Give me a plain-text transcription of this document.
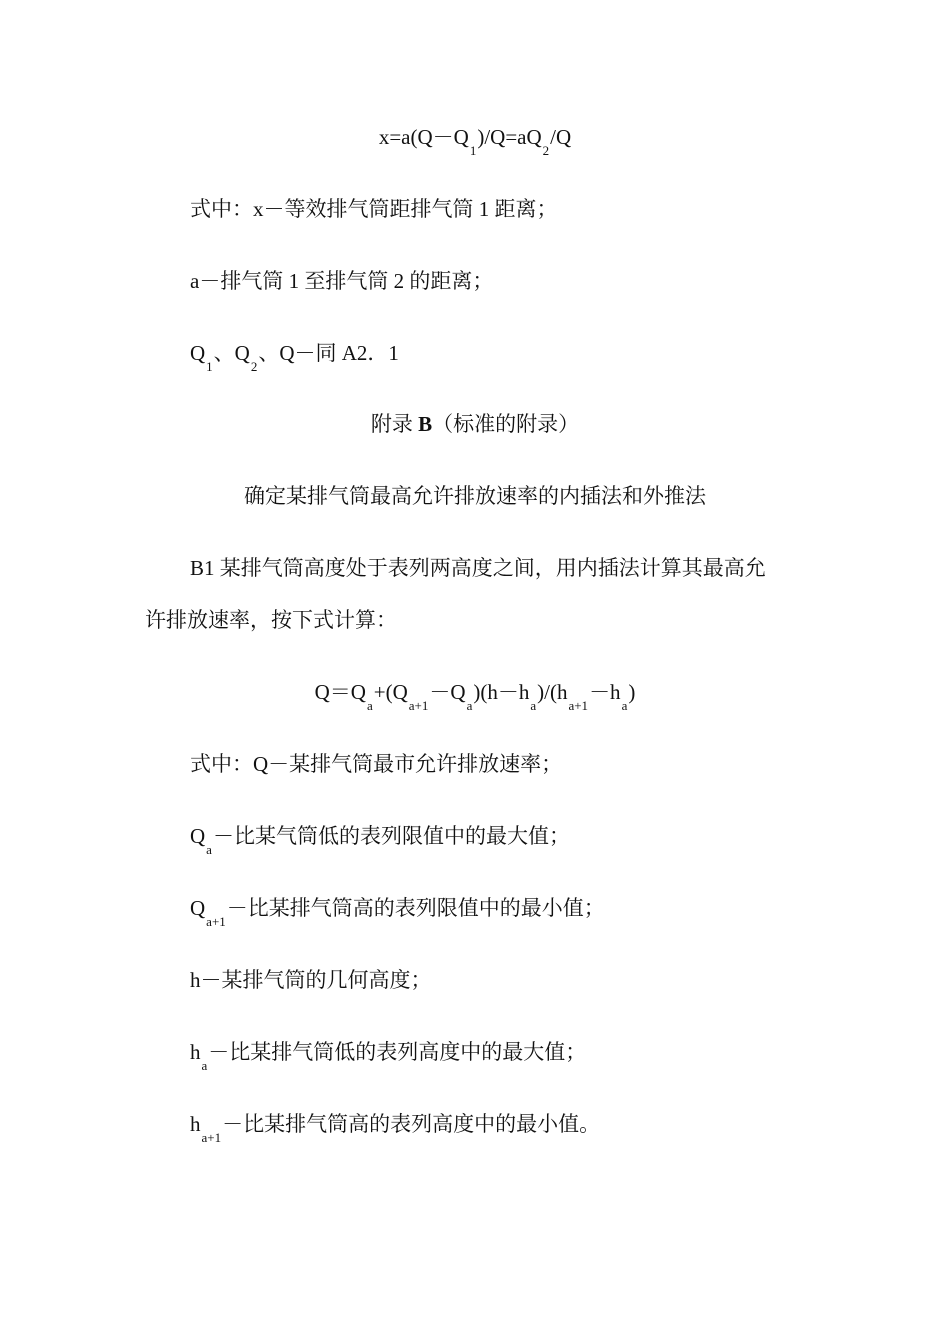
$x=a(Q-Q_1)/Q=aQ_2/Q$
式中：x－等效排气筒距排气筒 1 距离；
a－排气筒 1 至排气筒 2 的距离；
$Q_1$、$Q_2$、Q－同 A2．1
附录 B（标准的附录）
确定某排气筒最高允许排放速率的内插法和外推法
B1 某排气筒高度处于表列两高度之间，用内插法计算其最高允
许排放速率，按下式计算：
$Q=Q_a+(Q_{a+1}-Q_a)(h-h_a)/(h_{a+1}-h_a)$
式中：Q－某排气筒最市允许排放速率；
$Q_a-$比某气筒低的表列限值中的最大值；
$Q_{a+1}-$比某排气筒高的表列限值中的最小值；
h－某排气筒的几何高度；
$h_a-$比某排气筒低的表列高度中的最大值；
$h_{a+1}-$比某排气筒高的表列高度中的最小值。
